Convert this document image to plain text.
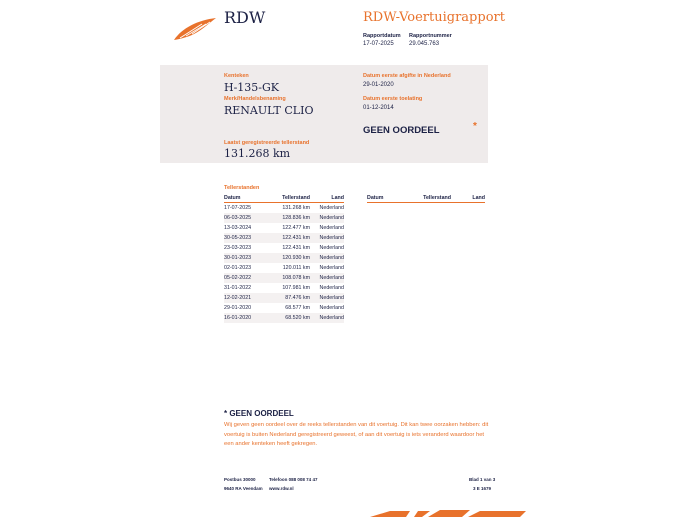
RDW	RDW-Voertuigrapport
Rapportdatum
17-07-2025
Rapportnummer
29.045.763
Kenteken
H-135-GK
Merk/Handelsbenaming
RENAULT CLIO
Laatst geregistreerde tellerstand
131.268 km
Datum eerste afgifte in Nederland
29-01-2020
Datum eerste toelating
01-12-2014
GEEN OORDEEL	*
Tellerstanden
Datum	Tellerstand	Land
17-07-2025	131.268 km	Nederland
06-03-2025	128.836 km	Nederland
13-03-2024	122.477 km	Nederland
30-05-2023	122.431 km	Nederland
23-03-2023	122.431 km	Nederland
30-01-2023	120.930 km	Nederland
02-01-2023	120.011 km	Nederland
05-02-2022	108.078 km	Nederland
31-01-2022	107.981 km	Nederland
12-02-2021	87.476 km	Nederland
29-01-2020	68.577 km	Nederland
16-01-2020	68.520 km	Nederland
Datum	Tellerstand	Land
* GEEN OORDEEL
Wij geven geen oordeel over de reeks tellerstanden van dit voertuig. Dit kan twee oorzaken hebben: dit voertuig is buiten Nederland geregistreerd geweest, of aan dit voertuig is iets veranderd waardoor het een ander kenteken heeft gekregen.
Postbus 30000
9640 RA Veendam
Telefoon 088 008 74 47
www.rdw.nl
Blad 1 van 3
3 E 1679
